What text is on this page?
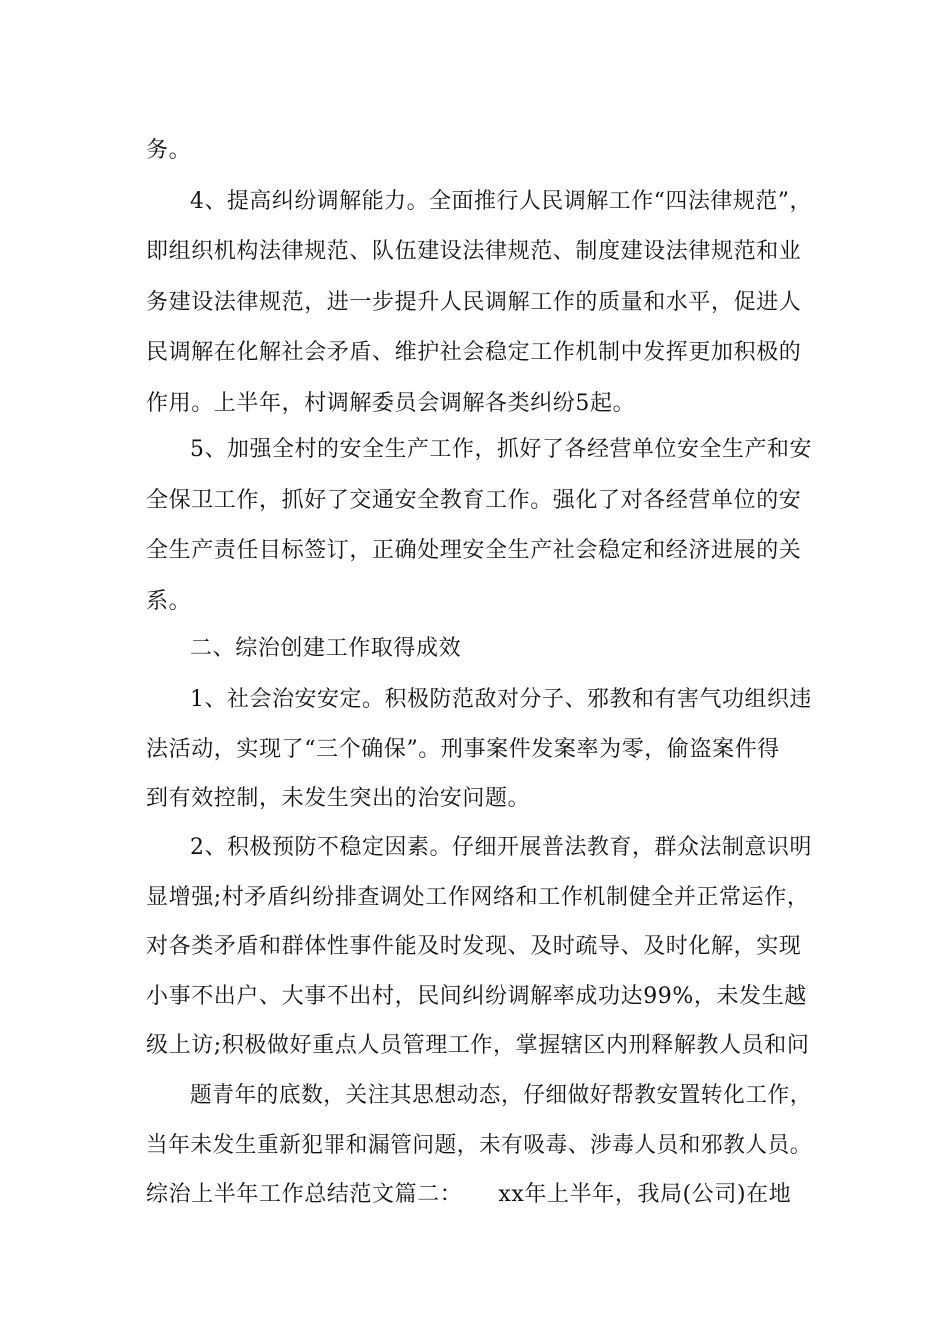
务。
4、提高纠纷调解能力。全面推行人民调解工作“四法律规范”，
即组织机构法律规范、队伍建设法律规范、制度建设法律规范和业
务建设法律规范，进一步提升人民调解工作的质量和水平，促进人
民调解在化解社会矛盾、维护社会稳定工作机制中发挥更加积极的
作用。上半年，村调解委员会调解各类纠纷5起。
5、加强全村的安全生产工作，抓好了各经营单位安全生产和安
全保卫工作，抓好了交通安全教育工作。强化了对各经营单位的安
全生产责任目标签订，正确处理安全生产社会稳定和经济进展的关
系。
二、综治创建工作取得成效
1、社会治安安定。积极防范敌对分子、邪教和有害气功组织违
法活动，实现了“三个确保”。刑事案件发案率为零，偷盗案件得
到有效控制，未发生突出的治安问题。
2、积极预防不稳定因素。仔细开展普法教育，群众法制意识明
显增强;村矛盾纠纷排查调处工作网络和工作机制健全并正常运作，
对各类矛盾和群体性事件能及时发现、及时疏导、及时化解，实现
小事不出户、大事不出村，民间纠纷调解率成功达99%，未发生越
级上访;积极做好重点人员管理工作，掌握辖区内刑释解教人员和问
题青年的底数，关注其思想动态，仔细做好帮教安置转化工作，
当年未发生重新犯罪和漏管问题，未有吸毒、涉毒人员和邪教人员。
综治上半年工作总结范文篇二： xx年上半年，我局(公司)在地
